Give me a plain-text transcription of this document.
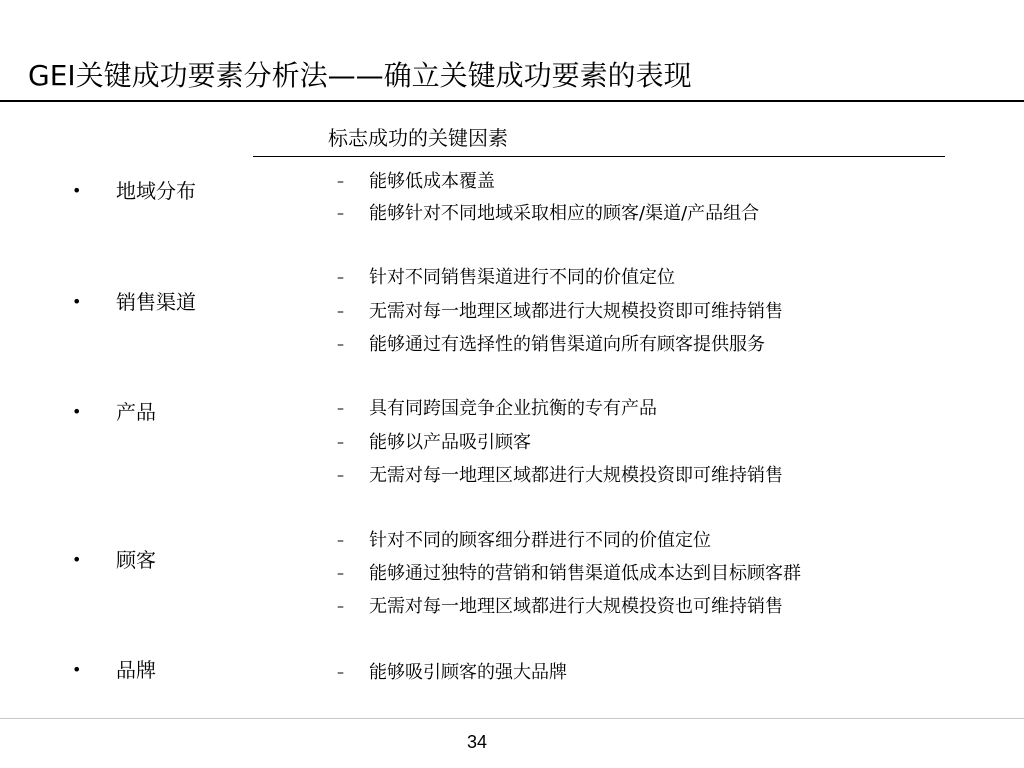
GEI关键成功要素分析法——确立关键成功要素的表现
标志成功的关键因素
•	地域分布	–	能够低成本覆盖
–	能够针对不同地域采取相应的顾客/渠道/产品组合
•	销售渠道
–	针对不同销售渠道进行不同的价值定位
–	无需对每一地理区域都进行大规模投资即可维持销售
–	能够通过有选择性的销售渠道向所有顾客提供服务
•	产品	–	具有同跨国竞争企业抗衡的专有产品
–	能够以产品吸引顾客
–	无需对每一地理区域都进行大规模投资即可维持销售
•	顾客
–	针对不同的顾客细分群进行不同的价值定位
–	能够通过独特的营销和销售渠道低成本达到目标顾客群
–	无需对每一地理区域都进行大规模投资也可维持销售
•	品牌	–	能够吸引顾客的强大品牌
34
